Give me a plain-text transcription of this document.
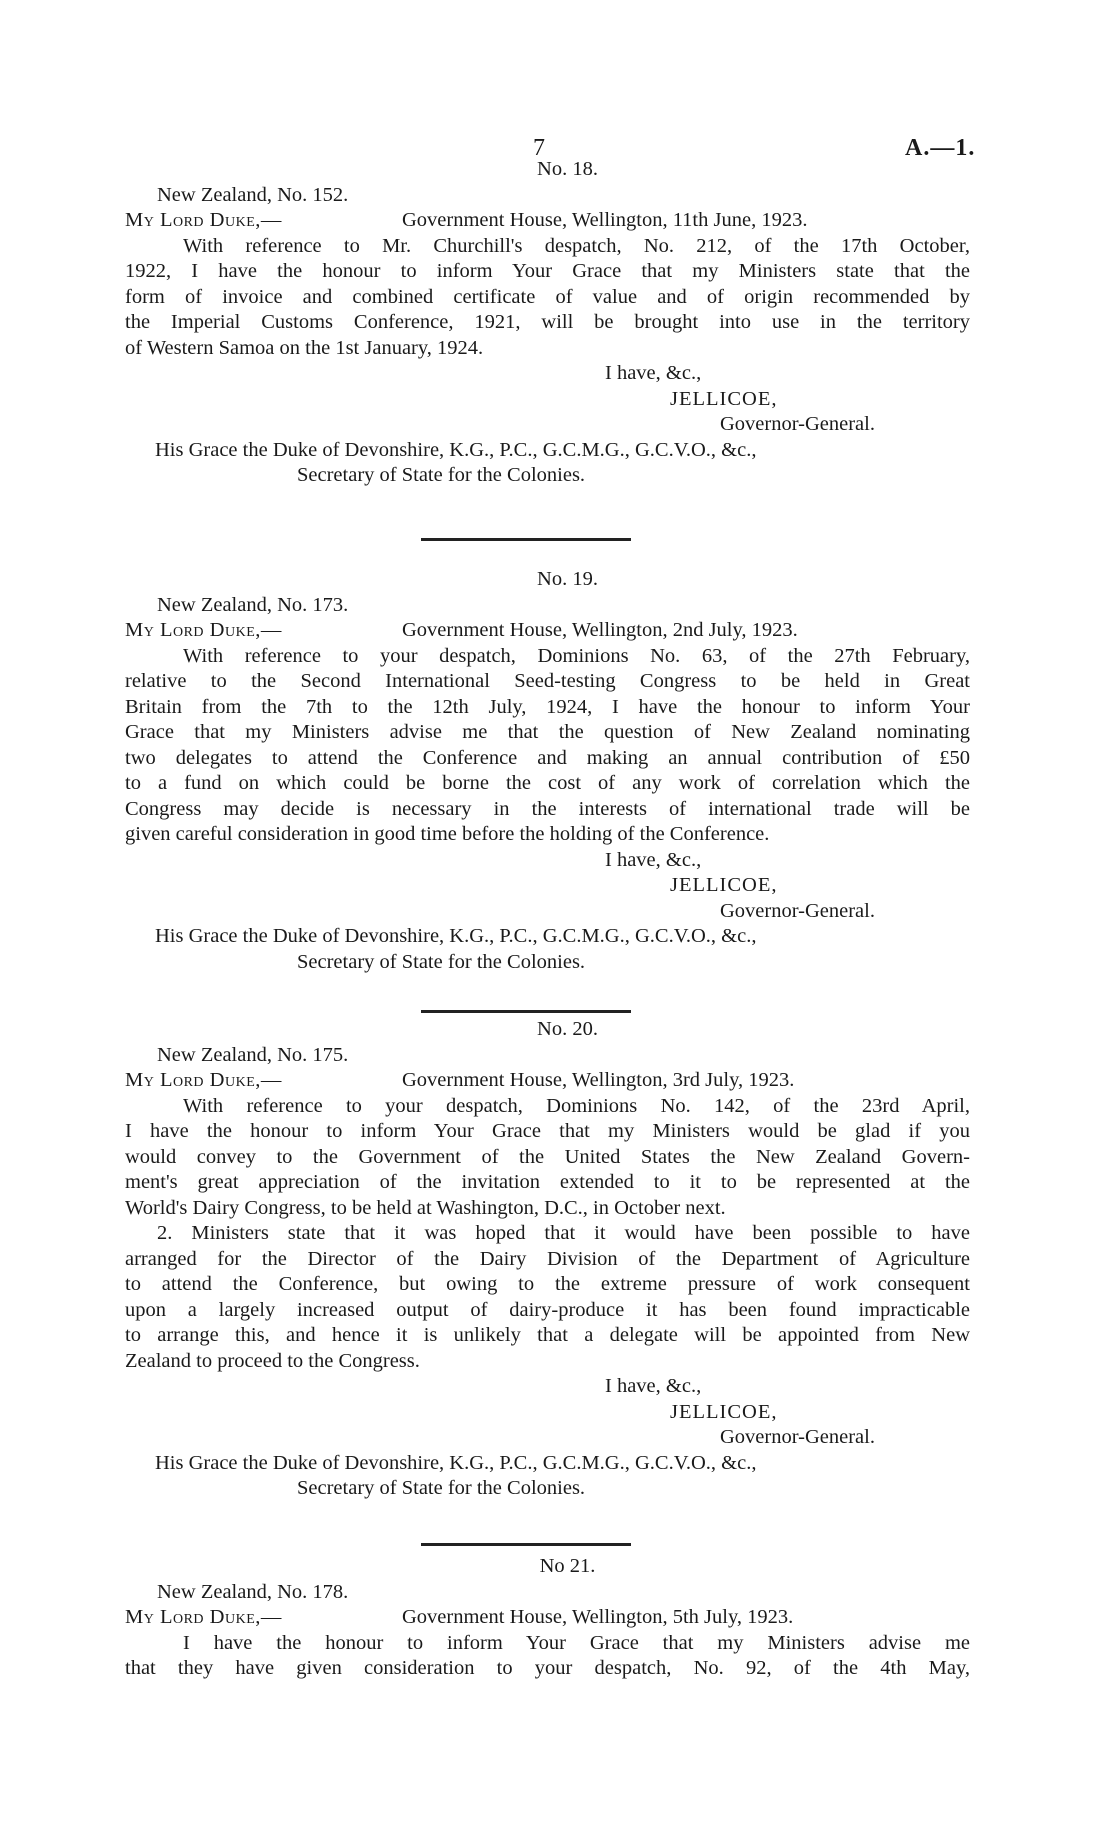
7	A.—1.
No. 18.
New Zealand, No. 152.
My Lord Duke,—	Government House, Wellington, 11th June, 1923.
With reference to Mr. Churchill's despatch, No. 212, of the 17th October,
1922, I have the honour to inform Your Grace that my Ministers state that the
form of invoice and combined certificate of value and of origin recommended by
the Imperial Customs Conference, 1921, will be brought into use in the territory
of Western Samoa on the 1st January, 1924.
I have, &c.,
JELLICOE,
Governor-General.
His Grace the Duke of Devonshire, K.G., P.C., G.C.M.G., G.C.V.O., &c.,
Secretary of State for the Colonies.
No. 19.
New Zealand, No. 173.
My Lord Duke,—	Government House, Wellington, 2nd July, 1923.
With reference to your despatch, Dominions No. 63, of the 27th February,
relative to the Second International Seed-testing Congress to be held in Great
Britain from the 7th to the 12th July, 1924, I have the honour to inform Your
Grace that my Ministers advise me that the question of New Zealand nominating
two delegates to attend the Conference and making an annual contribution of £50
to a fund on which could be borne the cost of any work of correlation which the
Congress may decide is necessary in the interests of international trade will be
given careful consideration in good time before the holding of the Conference.
I have, &c.,
JELLICOE,
Governor-General.
His Grace the Duke of Devonshire, K.G., P.C., G.C.M.G., G.C.V.O., &c.,
Secretary of State for the Colonies.
No. 20.
New Zealand, No. 175.
My Lord Duke,—	Government House, Wellington, 3rd July, 1923.
With reference to your despatch, Dominions No. 142, of the 23rd April,
I have the honour to inform Your Grace that my Ministers would be glad if you
would convey to the Government of the United States the New Zealand Govern-
ment's great appreciation of the invitation extended to it to be represented at the
World's Dairy Congress, to be held at Washington, D.C., in October next.
2. Ministers state that it was hoped that it would have been possible to have
arranged for the Director of the Dairy Division of the Department of Agriculture
to attend the Conference, but owing to the extreme pressure of work consequent
upon a largely increased output of dairy-produce it has been found impracticable
to arrange this, and hence it is unlikely that a delegate will be appointed from New
Zealand to proceed to the Congress.
I have, &c.,
JELLICOE,
Governor-General.
His Grace the Duke of Devonshire, K.G., P.C., G.C.M.G., G.C.V.O., &c.,
Secretary of State for the Colonies.
No 21.
New Zealand, No. 178.
My Lord Duke,—	Government House, Wellington, 5th July, 1923.
I have the honour to inform Your Grace that my Ministers advise me
that they have given consideration to your despatch, No. 92, of the 4th May,
